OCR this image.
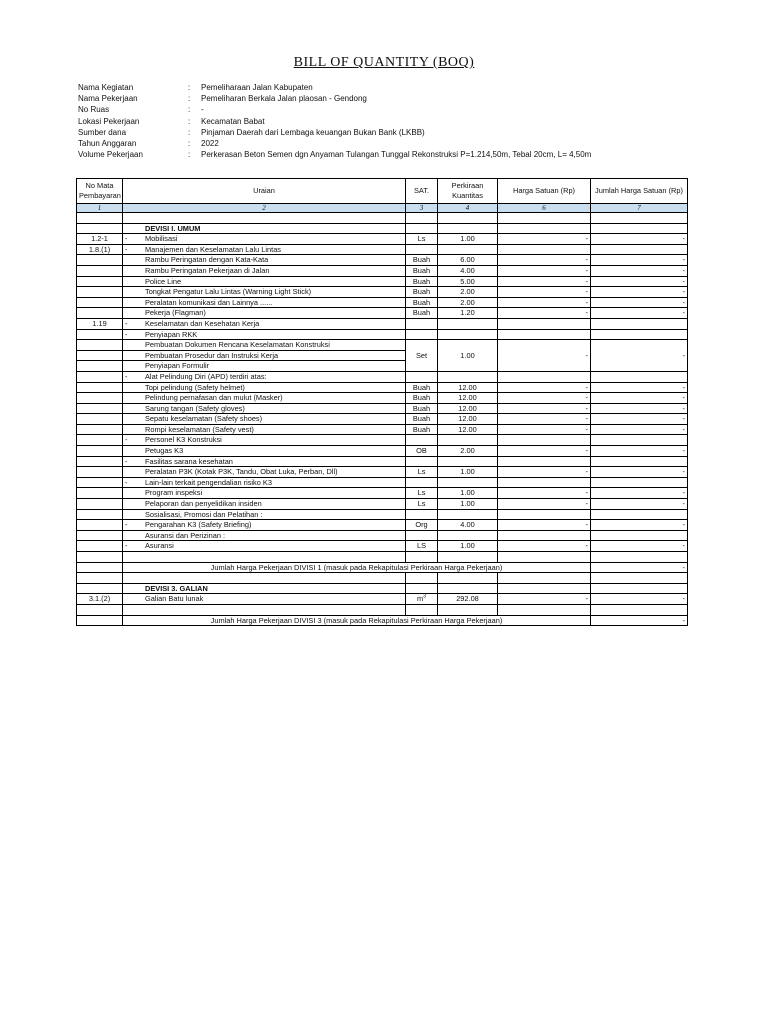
BILL OF QUANTITY (BOQ)
Nama Kegiatan	:	Pemeliharaan Jalan Kabupaten
Nama Pekerjaan	:	Pemeliharan Berkala Jalan plaosan - Gendong
No Ruas	:	-
Lokasi Pekerjaan	:	Kecamatan Babat
Sumber dana	:	Pinjaman Daerah dari Lembaga keuangan Bukan Bank (LKBB)
Tahun Anggaran	:	2022
Volume Pekerjaan	:	Perkerasan Beton Semen dgn Anyaman Tulangan Tunggal Rekonstruksi P=1.214,50m, Tebal 20cm, L= 4,50m
No Mata Pembayaran	Uraian	SAT.	Perkiraan Kuantitas	Harga Satuan (Rp)	Jumlah Harga Satuan (Rp)
1	2	3	4	6	7

	DEVISI I. UMUM				
1.2-1	- Mobilisasi	Ls	1.00	-	-
1.8.(1)	- Manajemen dan Keselamatan Lalu Lintas				
	Rambu Peringatan dengan Kata-Kata	Buah	6.00	-	-
	Rambu Peringatan Pekerjaan di Jalan	Buah	4.00	-	-
	Police Line	Buah	5.00	-	-
	Tongkat Pengatur Lalu Lintas (Warning Light Stick)	Buah	2.00	-	-
	Peralatan komunikasi dan Lainnya ......	Buah	2.00	-	-
	Pekerja (Flagman)	Buah	1.20	-	-
1.19	- Keselamatan dan Kesehatan Kerja				
	- Penyiapan RKK				
	Pembuatan Dokumen Rencana Keselamatan Konstruksi	Set	1.00	-	-
	Pembuatan Prosedur dan Instruksi Kerja				
	Penyiapan Formulir				
	- Alat Pelindung Diri (APD) terdiri atas:				
	Topi pelindung (Safety helmet)	Buah	12.00	-	-
	Pelindung pernafasan dan mulut (Masker)	Buah	12.00	-	-
	Sarung tangan (Safety gloves)	Buah	12.00	-	-
	Sepatu keselamatan (Safety shoes)	Buah	12.00	-	-
	Rompi keselamatan (Safety vest)	Buah	12.00	-	-
	- Personel K3 Konstruksi				
	Petugas K3	OB	2.00	-	-
	- Fasilitas sarana kesehatan				
	Peralatan P3K (Kotak P3K, Tandu, Obat Luka, Perban, Dll)	Ls	1.00	-	-
	- Lain-lain terkait pengendalian risiko K3				
	Program inspeksi	Ls	1.00	-	-
	Pelaporan dan penyelidikan insiden	Ls	1.00	-	-
	Sosialisasi, Promosi dan Pelatihan :				
	- Pengarahan K3 (Safety Briefing)	Org	4.00	-	-
	Asuransi dan Perizinan :				
	- Asuransi	LS	1.00	-	-

	Jumlah Harga Pekerjaan DIVISI 1 (masuk pada Rekapitulasi Perkiraan Harga Pekerjaan)				-

	DEVISI 3. GALIAN				
3.1.(2)	Galian Batu lunak	$m^3$	292.08	-	-

	Jumlah Harga Pekerjaan DIVISI 3 (masuk pada Rekapitulasi Perkiraan Harga Pekerjaan)				-
